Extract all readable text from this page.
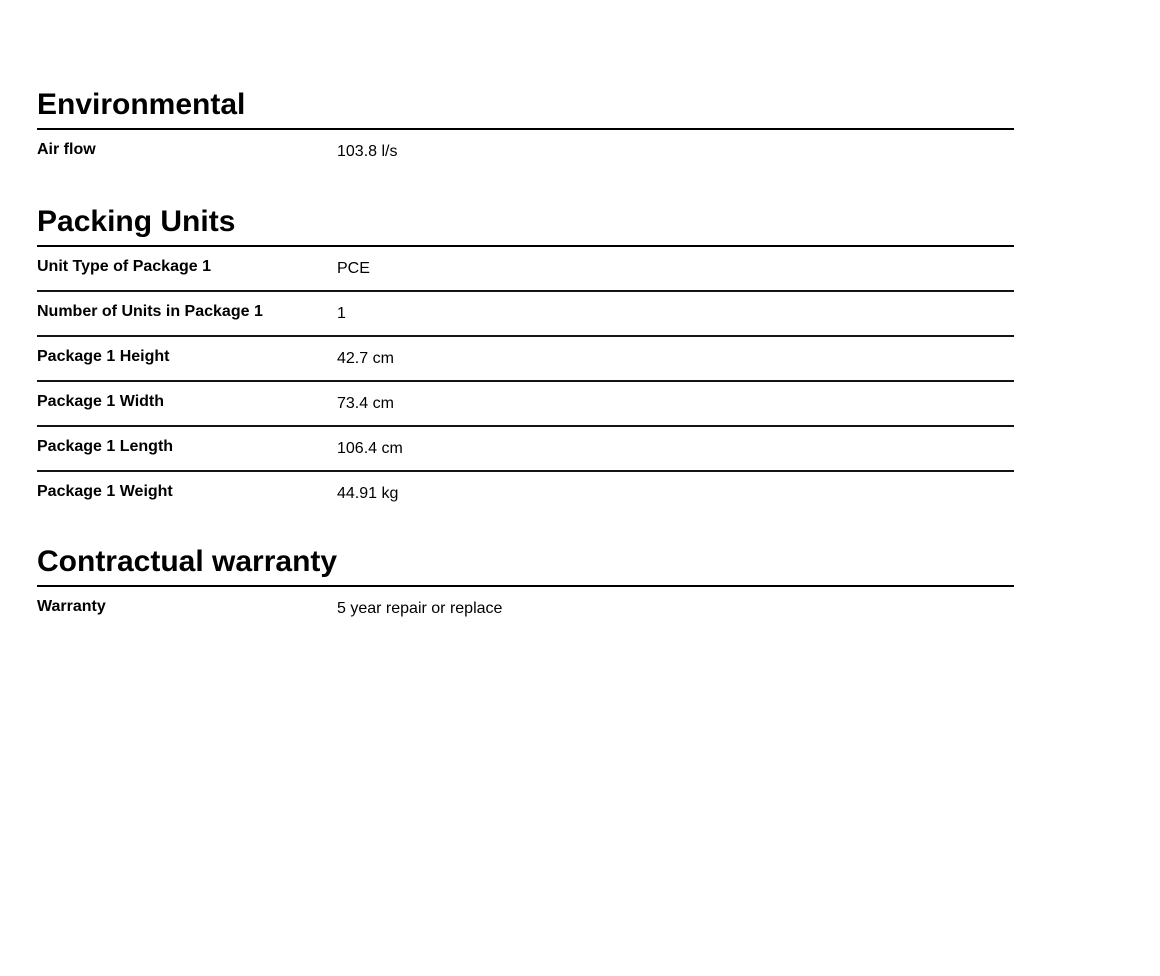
Environmental
Air flow	103.8 l/s
Packing Units
Unit Type of Package 1	PCE
Number of Units in Package 1	1
Package 1 Height	42.7 cm
Package 1 Width	73.4 cm
Package 1 Length	106.4 cm
Package 1 Weight	44.91 kg
Contractual warranty
Warranty	5 year repair or replace
